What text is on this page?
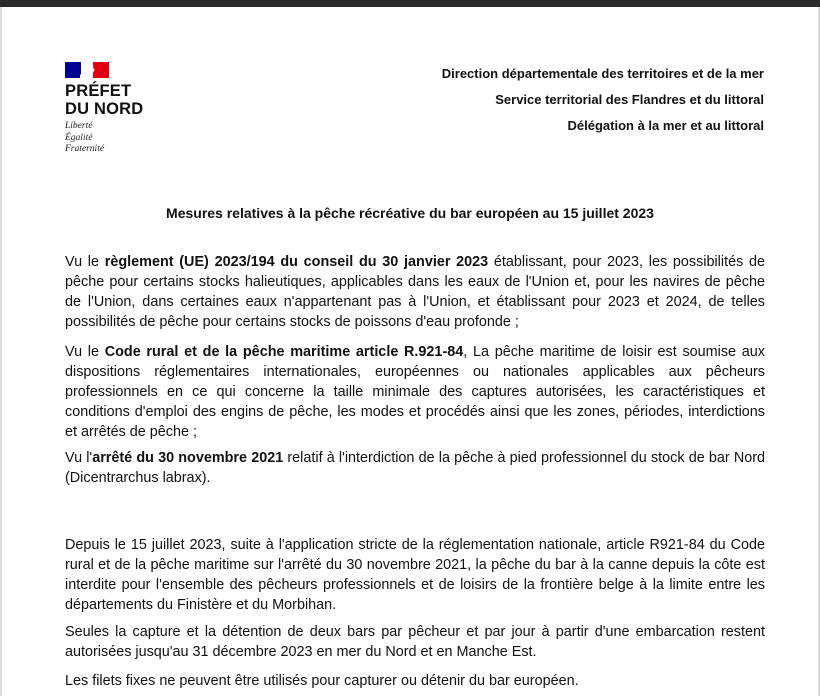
PRÉFET
DU NORD
Liberté
Égalité
Fraternité
Direction départementale des territoires et de la mer
Service territorial des Flandres et du littoral
Délégation à la mer et au littoral
Mesures relatives à la pêche récréative du bar européen au 15 juillet 2023
Vu le règlement (UE) 2023/194 du conseil du 30 janvier 2023 établissant, pour 2023, les possibilités de pêche pour certains stocks halieutiques, applicables dans les eaux de l'Union et, pour les navires de pêche de l'Union, dans certaines eaux n'appartenant pas à l'Union, et établissant pour 2023 et 2024, de telles possibilités de pêche pour certains stocks de poissons d'eau profonde ;
Vu le Code rural et de la pêche maritime article R.921-84, La pêche maritime de loisir est soumise aux dispositions réglementaires internationales, européennes ou nationales applicables aux pêcheurs professionnels en ce qui concerne la taille minimale des captures autorisées, les caractéristiques et conditions d'emploi des engins de pêche, les modes et procédés ainsi que les zones, périodes, interdictions et arrêtés de pêche ;
Vu l'arrêté du 30 novembre 2021 relatif à l'interdiction de la pêche à pied professionnel du stock de bar Nord (Dicentrarchus labrax).
Depuis le 15 juillet 2023, suite à l'application stricte de la réglementation nationale, article R921-84 du Code rural et de la pêche maritime sur l'arrêté du 30 novembre 2021, la pêche du bar à la canne depuis la côte est interdite pour l'ensemble des pêcheurs professionnels et de loisirs de la frontière belge à la limite entre les départements du Finistère et du Morbihan.
Seules la capture et la détention de deux bars par pêcheur et par jour à partir d'une embarcation restent autorisées jusqu'au 31 décembre 2023 en mer du Nord et en Manche Est.
Les filets fixes ne peuvent être utilisés pour capturer ou détenir du bar européen.
